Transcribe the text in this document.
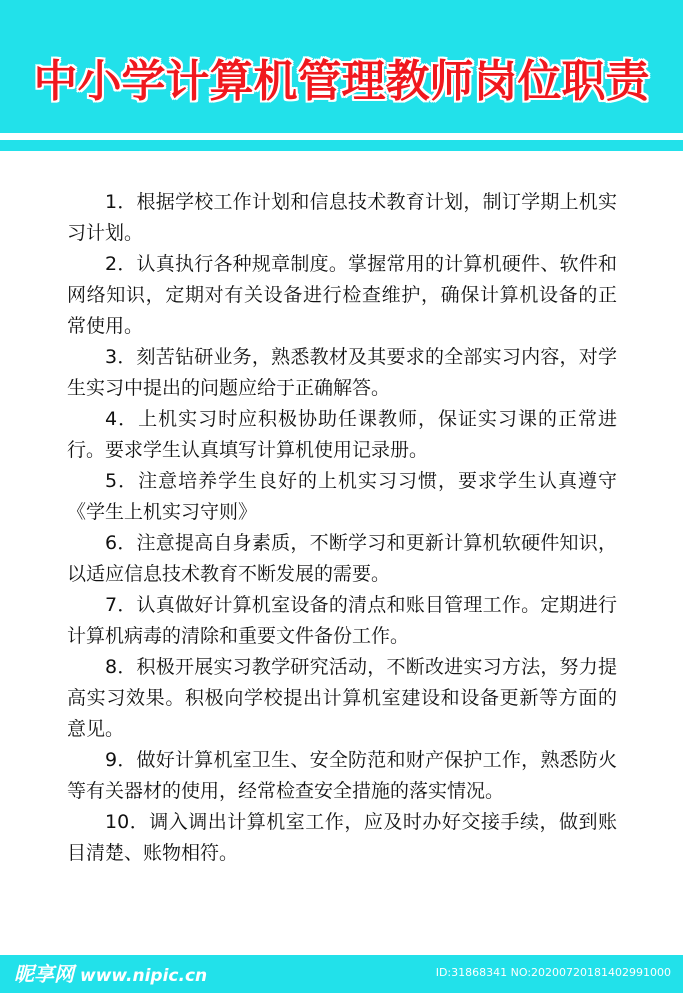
中小学计算机管理教师岗位职责

1．根据学校工作计划和信息技术教育计划，制订学期上机实习计划。

2．认真执行各种规章制度。掌握常用的计算机硬件、软件和网络知识，定期对有关设备进行检查维护，确保计算机设备的正常使用。

3．刻苦钻研业务，熟悉教材及其要求的全部实习内容，对学生实习中提出的问题应给于正确解答。

4．上机实习时应积极协助任课教师，保证实习课的正常进行。要求学生认真填写计算机使用记录册。

5．注意培养学生良好的上机实习习惯，要求学生认真遵守《学生上机实习守则》

6．注意提高自身素质，不断学习和更新计算机软硬件知识，以适应信息技术教育不断发展的需要。

7．认真做好计算机室设备的清点和账目管理工作。定期进行计算机病毒的清除和重要文件备份工作。

8．积极开展实习教学研究活动，不断改进实习方法，努力提高实习效果。积极向学校提出计算机室建设和设备更新等方面的意见。

9．做好计算机室卫生、安全防范和财产保护工作，熟悉防火等有关器材的使用，经常检查安全措施的落实情况。

10．调入调出计算机室工作，应及时办好交接手续，做到账目清楚、账物相符。

昵享网 www.nipic.cn	ID:31868341 NO:20200720181402991000
